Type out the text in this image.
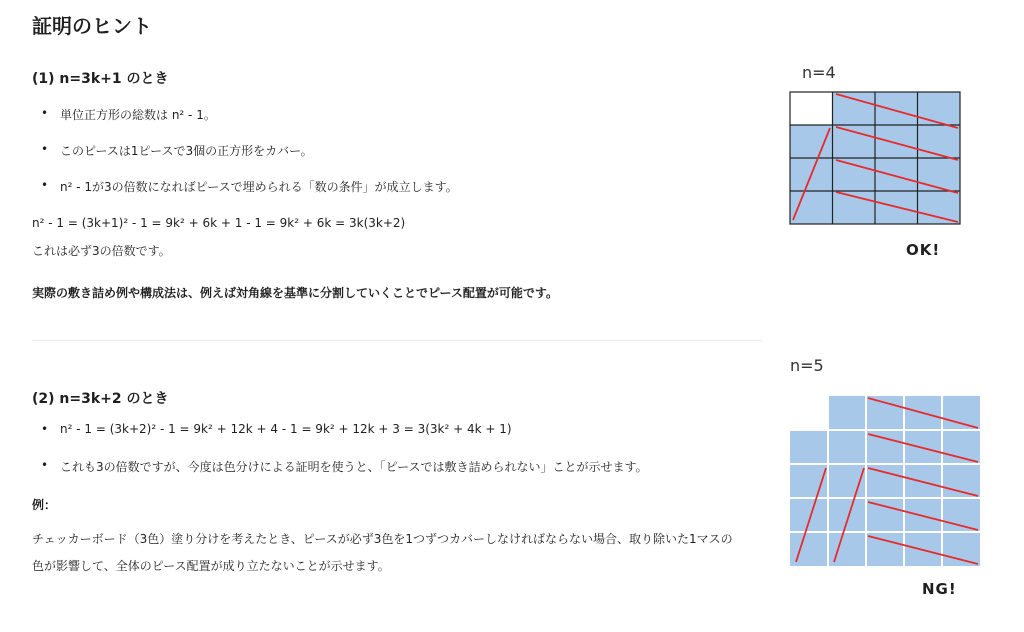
証明のヒント
(1) n=3k+1 のとき
• 単位正方形の総数は n² - 1。
• このピースは1ピースで3個の正方形をカバー。
• n² - 1が3の倍数になればピースで埋められる「数の条件」が成立します。

n² - 1 = (3k+1)² - 1 = 9k² + 6k + 1 - 1 = 9k² + 6k = 3k(3k+2)

これは必ず3の倍数です。

実際の敷き詰め例や構成法は、例えば対角線を基準に分割していくことでピース配置が可能です。

(2) n=3k+2 のとき
• n² - 1 = (3k+2)² - 1 = 9k² + 12k + 4 - 1 = 9k² + 12k + 3 = 3(3k² + 4k + 1)
• これも3の倍数ですが、今度は色分けによる証明を使うと、「ピースでは敷き詰められない」ことが示せます。

例：

チェッカーボード（3色）塗り分けを考えたとき、ピースが必ず3色を1つずつカバーしなければならない場合、取り除いた1マスの

色が影響して、全体のピース配置が成り立たないことが示せます。

n=4
OK!
n=5
NG!
